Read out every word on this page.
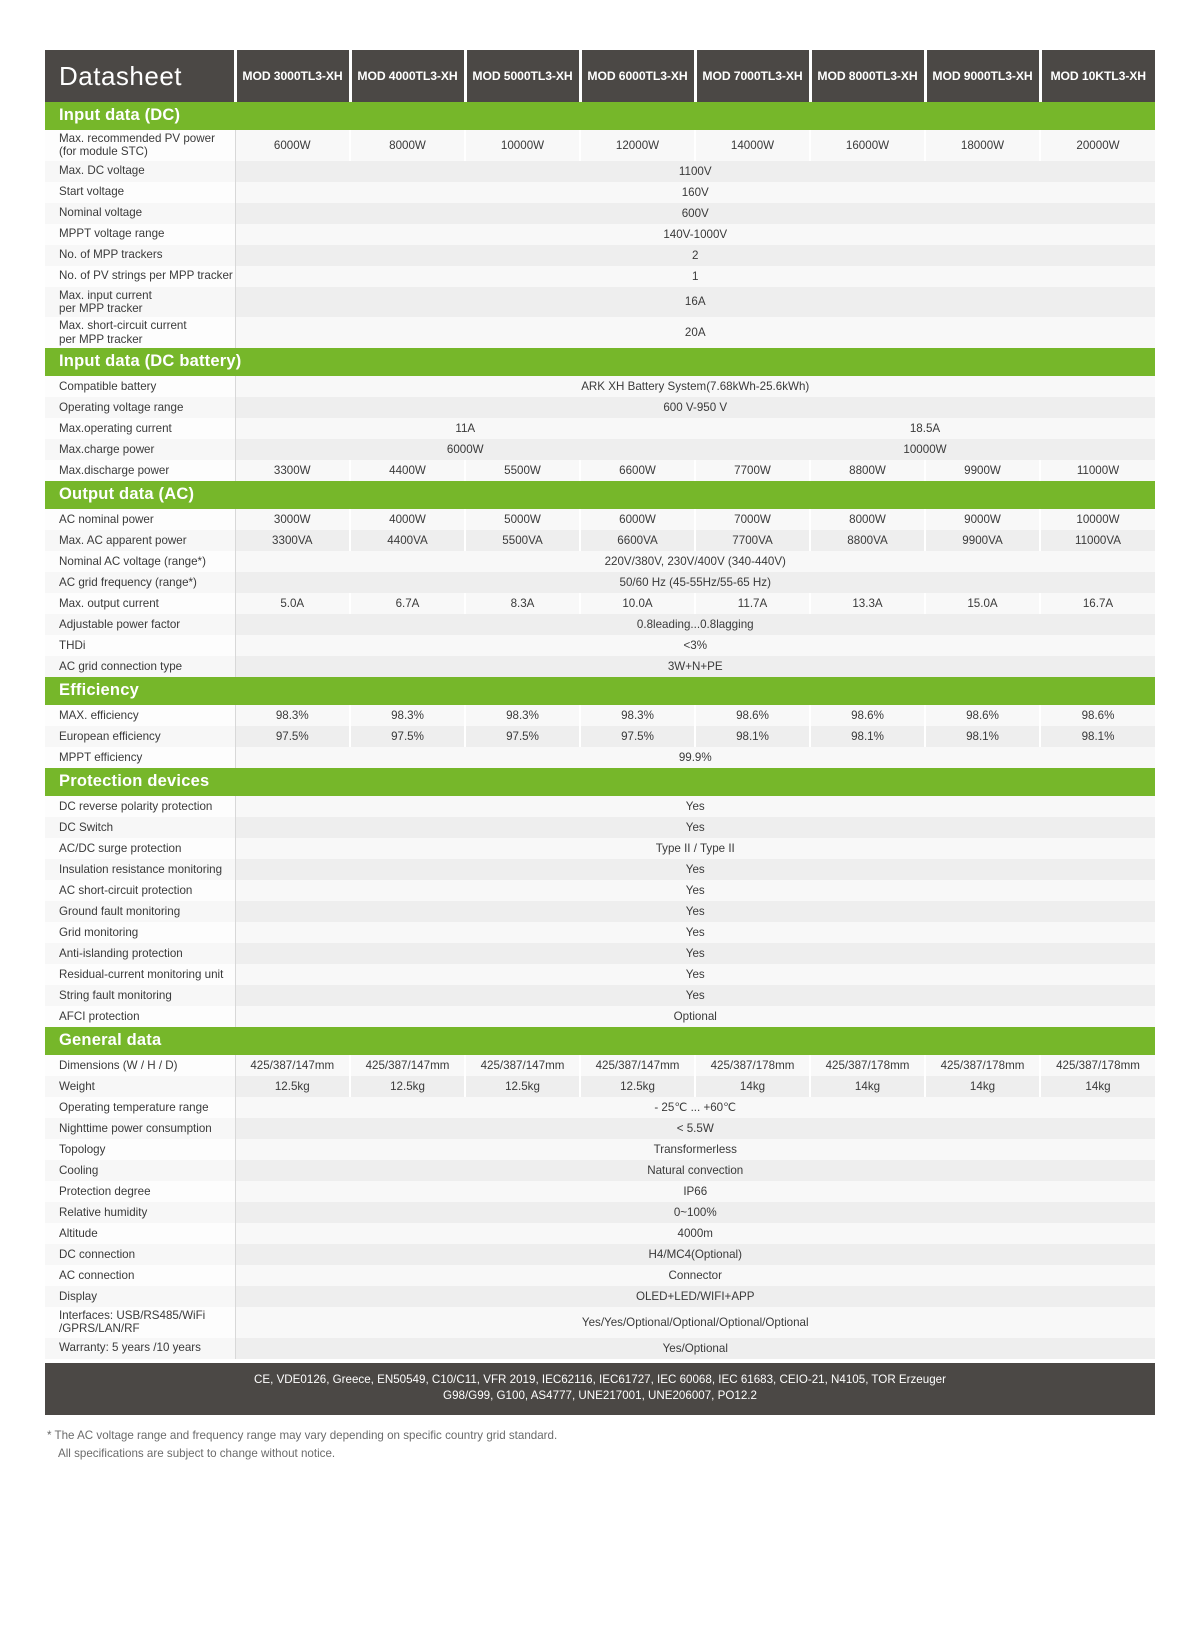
Datasheet	MOD 3000TL3-XH	MOD 4000TL3-XH	MOD 5000TL3-XH	MOD 6000TL3-XH	MOD 7000TL3-XH	MOD 8000TL3-XH	MOD 9000TL3-XH	MOD 10KTL3-XH
Input data (DC)								

Max. recommended PV power
(for module STC)	6000W	8000W	10000W	12000W	14000W	16000W	18000W	20000W
Max. DC voltage	1100V							
Start voltage	160V							
Nominal voltage	600V							
MPPT voltage range	140V-1000V							
No. of MPP trackers	2							
No. of PV strings per MPP tracker	1							

Max. input current
per MPP tracker	16A							

Max. short-circuit current
per MPP tracker	20A							
Input data (DC battery)								
Compatible battery	ARK XH Battery System(7.68kWh-25.6kWh)							
Operating voltage range	600 V-950 V							
Max.operating current	11A				18.5A			
Max.charge power	6000W				10000W			
Max.discharge power	3300W	4400W	5500W	6600W	7700W	8800W	9900W	11000W
Output data (AC)								
AC nominal power	3000W	4000W	5000W	6000W	7000W	8000W	9000W	10000W
Max. AC apparent power	3300VA	4400VA	5500VA	6600VA	7700VA	8800VA	9900VA	11000VA
Nominal AC voltage (range*)	220V/380V, 230V/400V (340-440V)							
AC grid frequency (range*)	50/60 Hz (45-55Hz/55-65 Hz)							
Max. output current	5.0A	6.7A	8.3A	10.0A	11.7A	13.3A	15.0A	16.7A
Adjustable power factor	0.8leading...0.8lagging							
THDi	<3%							
AC grid connection type	3W+N+PE							
Efficiency								
MAX. efficiency	98.3%	98.3%	98.3%	98.3%	98.6%	98.6%	98.6%	98.6%
European efficiency	97.5%	97.5%	97.5%	97.5%	98.1%	98.1%	98.1%	98.1%
MPPT efficiency	99.9%							
Protection devices								
DC reverse polarity protection	Yes							
DC Switch	Yes							
AC/DC surge protection	Type II / Type II							
Insulation resistance monitoring	Yes							
AC short-circuit protection	Yes							
Ground fault monitoring	Yes							
Grid monitoring	Yes							
Anti-islanding protection	Yes							
Residual-current monitoring unit	Yes							
String fault monitoring	Yes							
AFCI protection	Optional							
General data								
Dimensions (W / H / D)	425/387/147mm	425/387/147mm	425/387/147mm	425/387/147mm	425/387/178mm	425/387/178mm	425/387/178mm	425/387/178mm
Weight	12.5kg	12.5kg	12.5kg	12.5kg	14kg	14kg	14kg	14kg
Operating temperature range	- 25℃ ... +60℃							
Nighttime power consumption	< 5.5W							
Topology	Transformerless							
Cooling	Natural convection							
Protection degree	IP66							
Relative humidity	0~100%							
Altitude	4000m							
DC connection	H4/MC4(Optional)							
AC connection	Connector							
Display	OLED+LED/WIFI+APP							

Interfaces: USB/RS485/WiFi
/GPRS/LAN/RF	Yes/Yes/Optional/Optional/Optional/Optional							
Warranty: 5 years /10 years	Yes/Optional							
CE, VDE0126, Greece, EN50549, C10/C11, VFR 2019, IEC62116, IEC61727, IEC 60068, IEC 61683, CEIO-21, N4105, TOR Erzeuger
G98/G99, G100, AS4777, UNE217001, UNE206007, PO12.2
* The AC voltage range and frequency range may vary depending on specific country grid standard.
All specifications are subject to change without notice.
